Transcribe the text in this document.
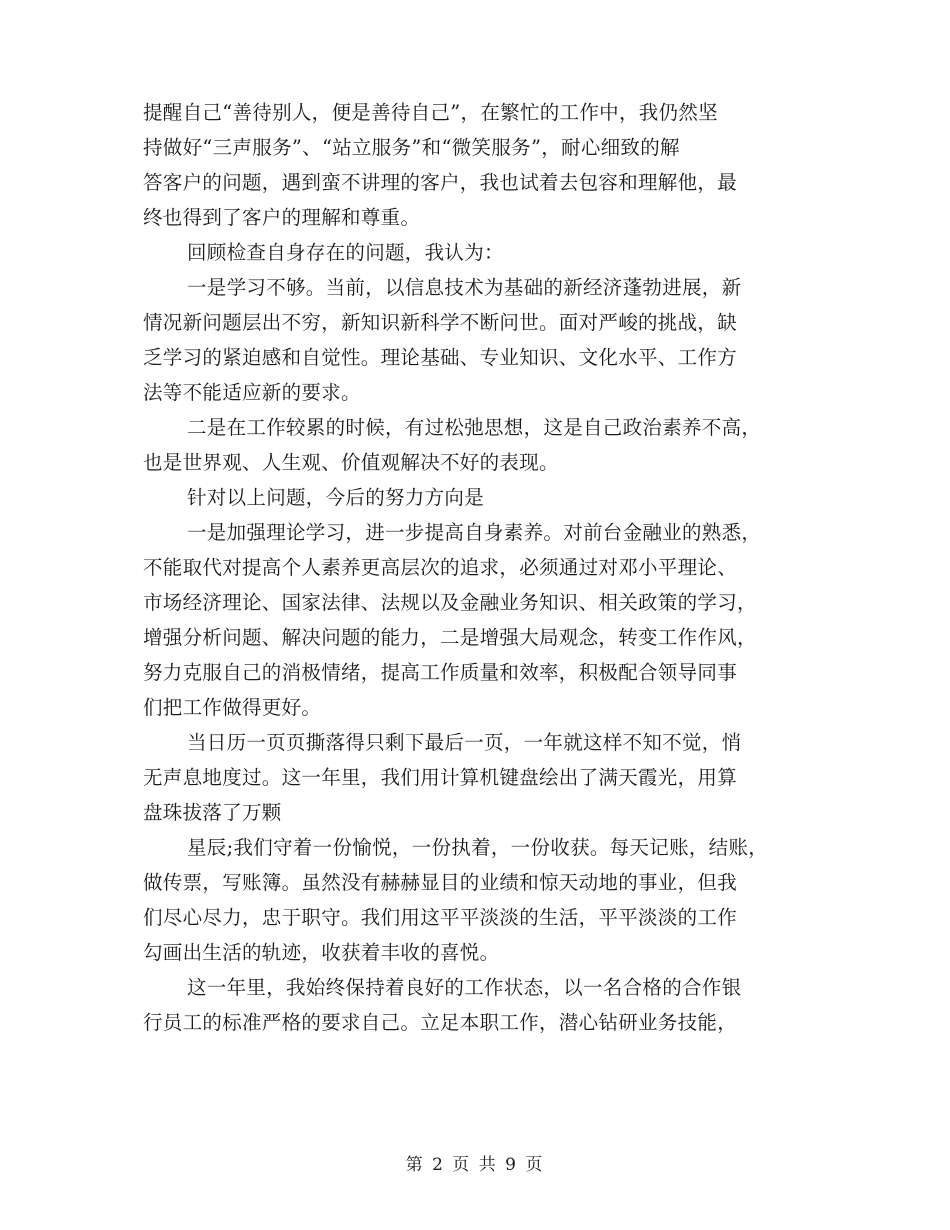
提醒自己“善待别人，便是善待自己”，在繁忙的工作中，我仍然坚
持做好“三声服务”、“站立服务”和“微笑服务”，耐心细致的解
答客户的问题，遇到蛮不讲理的客户，我也试着去包容和理解他，最
终也得到了客户的理解和尊重。
回顾检查自身存在的问题，我认为：
一是学习不够。当前，以信息技术为基础的新经济蓬勃进展，新
情况新问题层出不穷，新知识新科学不断问世。面对严峻的挑战，缺
乏学习的紧迫感和自觉性。理论基础、专业知识、文化水平、工作方
法等不能适应新的要求。
二是在工作较累的时候，有过松弛思想，这是自己政治素养不高，
也是世界观、人生观、价值观解决不好的表现。
针对以上问题，今后的努力方向是
一是加强理论学习，进一步提高自身素养。对前台金融业的熟悉，
不能取代对提高个人素养更高层次的追求，必须通过对邓小平理论、
市场经济理论、国家法律、法规以及金融业务知识、相关政策的学习，
增强分析问题、解决问题的能力，二是增强大局观念，转变工作作风，
努力克服自己的消极情绪，提高工作质量和效率，积极配合领导同事
们把工作做得更好。
当日历一页页撕落得只剩下最后一页，一年就这样不知不觉，悄
无声息地度过。这一年里，我们用计算机键盘绘出了满天霞光，用算
盘珠拔落了万颗
星辰;我们守着一份愉悦，一份执着，一份收获。每天记账，结账，
做传票，写账簿。虽然没有赫赫显目的业绩和惊天动地的事业，但我
们尽心尽力，忠于职守。我们用这平平淡淡的生活，平平淡淡的工作
勾画出生活的轨迹，收获着丰收的喜悦。
这一年里，我始终保持着良好的工作状态，以一名合格的合作银
行员工的标准严格的要求自己。立足本职工作，潜心钻研业务技能，
第 2 页 共 9 页
